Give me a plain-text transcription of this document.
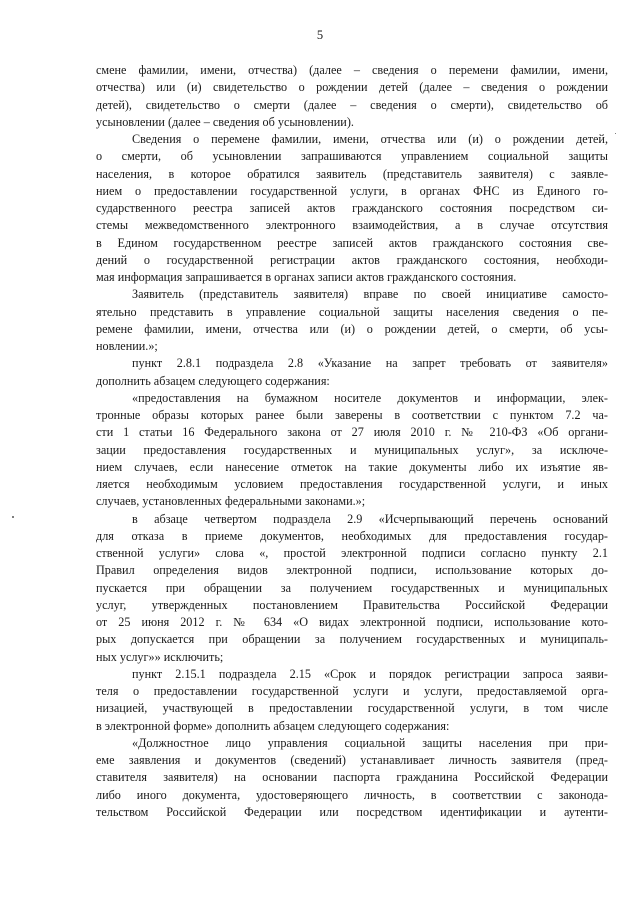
5

смене фамилии, имени, отчества) (далее – сведения о перемени фамилии, имени,
отчества) или (и) свидетельство о рождении детей (далее – сведения о рождении
детей), свидетельство о смерти (далее – сведения о смерти), свидетельство об
усыновлении (далее – сведения об усыновлении).

Сведения о перемене фамилии, имени, отчества или (и) о рождении детей,
о смерти, об усыновлении запрашиваются управлением социальной защиты
населения, в которое обратился заявитель (представитель заявителя) с заявле-
нием о предоставлении государственной услуги, в органах ФНС из Единого го-
сударственного реестра записей актов гражданского состояния посредством си-
стемы межведомственного электронного взаимодействия, а в случае отсутствия
в Едином государственном реестре записей актов гражданского состояния све-
дений о государственной регистрации актов гражданского состояния, необходи-
мая информация запрашивается в органах записи актов гражданского состояния.

Заявитель (представитель заявителя) вправе по своей инициативе самосто-
ятельно представить в управление социальной защиты населения сведения о пе-
ремене фамилии, имени, отчества или (и) о рождении детей, о смерти, об усы-
новлении.»;

пункт 2.8.1 подраздела 2.8 «Указание на запрет требовать от заявителя»
дополнить абзацем следующего содержания:

«предоставления на бумажном носителе документов и информации, элек-
тронные образы которых ранее были заверены в соответствии с пунктом 7.2 ча-
сти 1 статьи 16 Федерального закона от 27 июля 2010 г. № 210-ФЗ «Об органи-
зации предоставления государственных и муниципальных услуг», за исключе-
нием случаев, если нанесение отметок на такие документы либо их изъятие яв-
ляется необходимым условием предоставления государственной услуги, и иных
случаев, установленных федеральными законами.»;

в абзаце четвертом подраздела 2.9 «Исчерпывающий перечень оснований
для отказа в приеме документов, необходимых для предоставления государ-
ственной услуги» слова «, простой электронной подписи согласно пункту 2.1
Правил определения видов электронной подписи, использование которых до-
пускается при обращении за получением государственных и муниципальных
услуг, утвержденных постановлением Правительства Российской Федерации
от 25 июня 2012 г. № 634 «О видах электронной подписи, использование кото-
рых допускается при обращении за получением государственных и муниципаль-
ных услуг»» исключить;

пункт 2.15.1 подраздела 2.15 «Срок и порядок регистрации запроса заяви-
теля о предоставлении государственной услуги и услуги, предоставляемой орга-
низацией, участвующей в предоставлении государственной услуги, в том числе
в электронной форме» дополнить абзацем следующего содержания:

«Должностное лицо управления социальной защиты населения при при-
еме заявления и документов (сведений) устанавливает личность заявителя (пред-
ставителя заявителя) на основании паспорта гражданина Российской Федерации
либо иного документа, удостоверяющего личность, в соответствии с законода-
тельством Российской Федерации или посредством идентификации и аутенти-
